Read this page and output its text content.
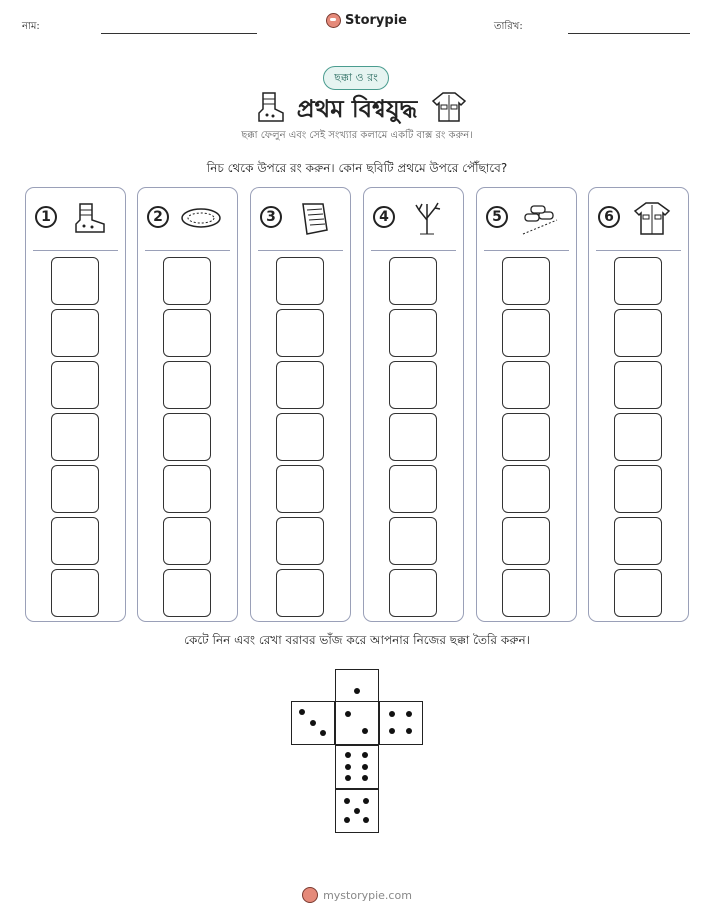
নাম:	Storypie	তারিখ:
ছক্কা ও রং
প্রথম বিশ্বযুদ্ধ
ছক্কা ফেলুন এবং সেই সংখ্যার কলামে একটি বাক্স রং করুন।
নিচ থেকে উপরে রং করুন। কোন ছবিটি প্রথমে উপরে পৌঁছাবে?
1	2	3	4	5	6
কেটে নিন এবং রেখা বরাবর ভাঁজ করে আপনার নিজের ছক্কা তৈরি করুন।
mystorypie.com
